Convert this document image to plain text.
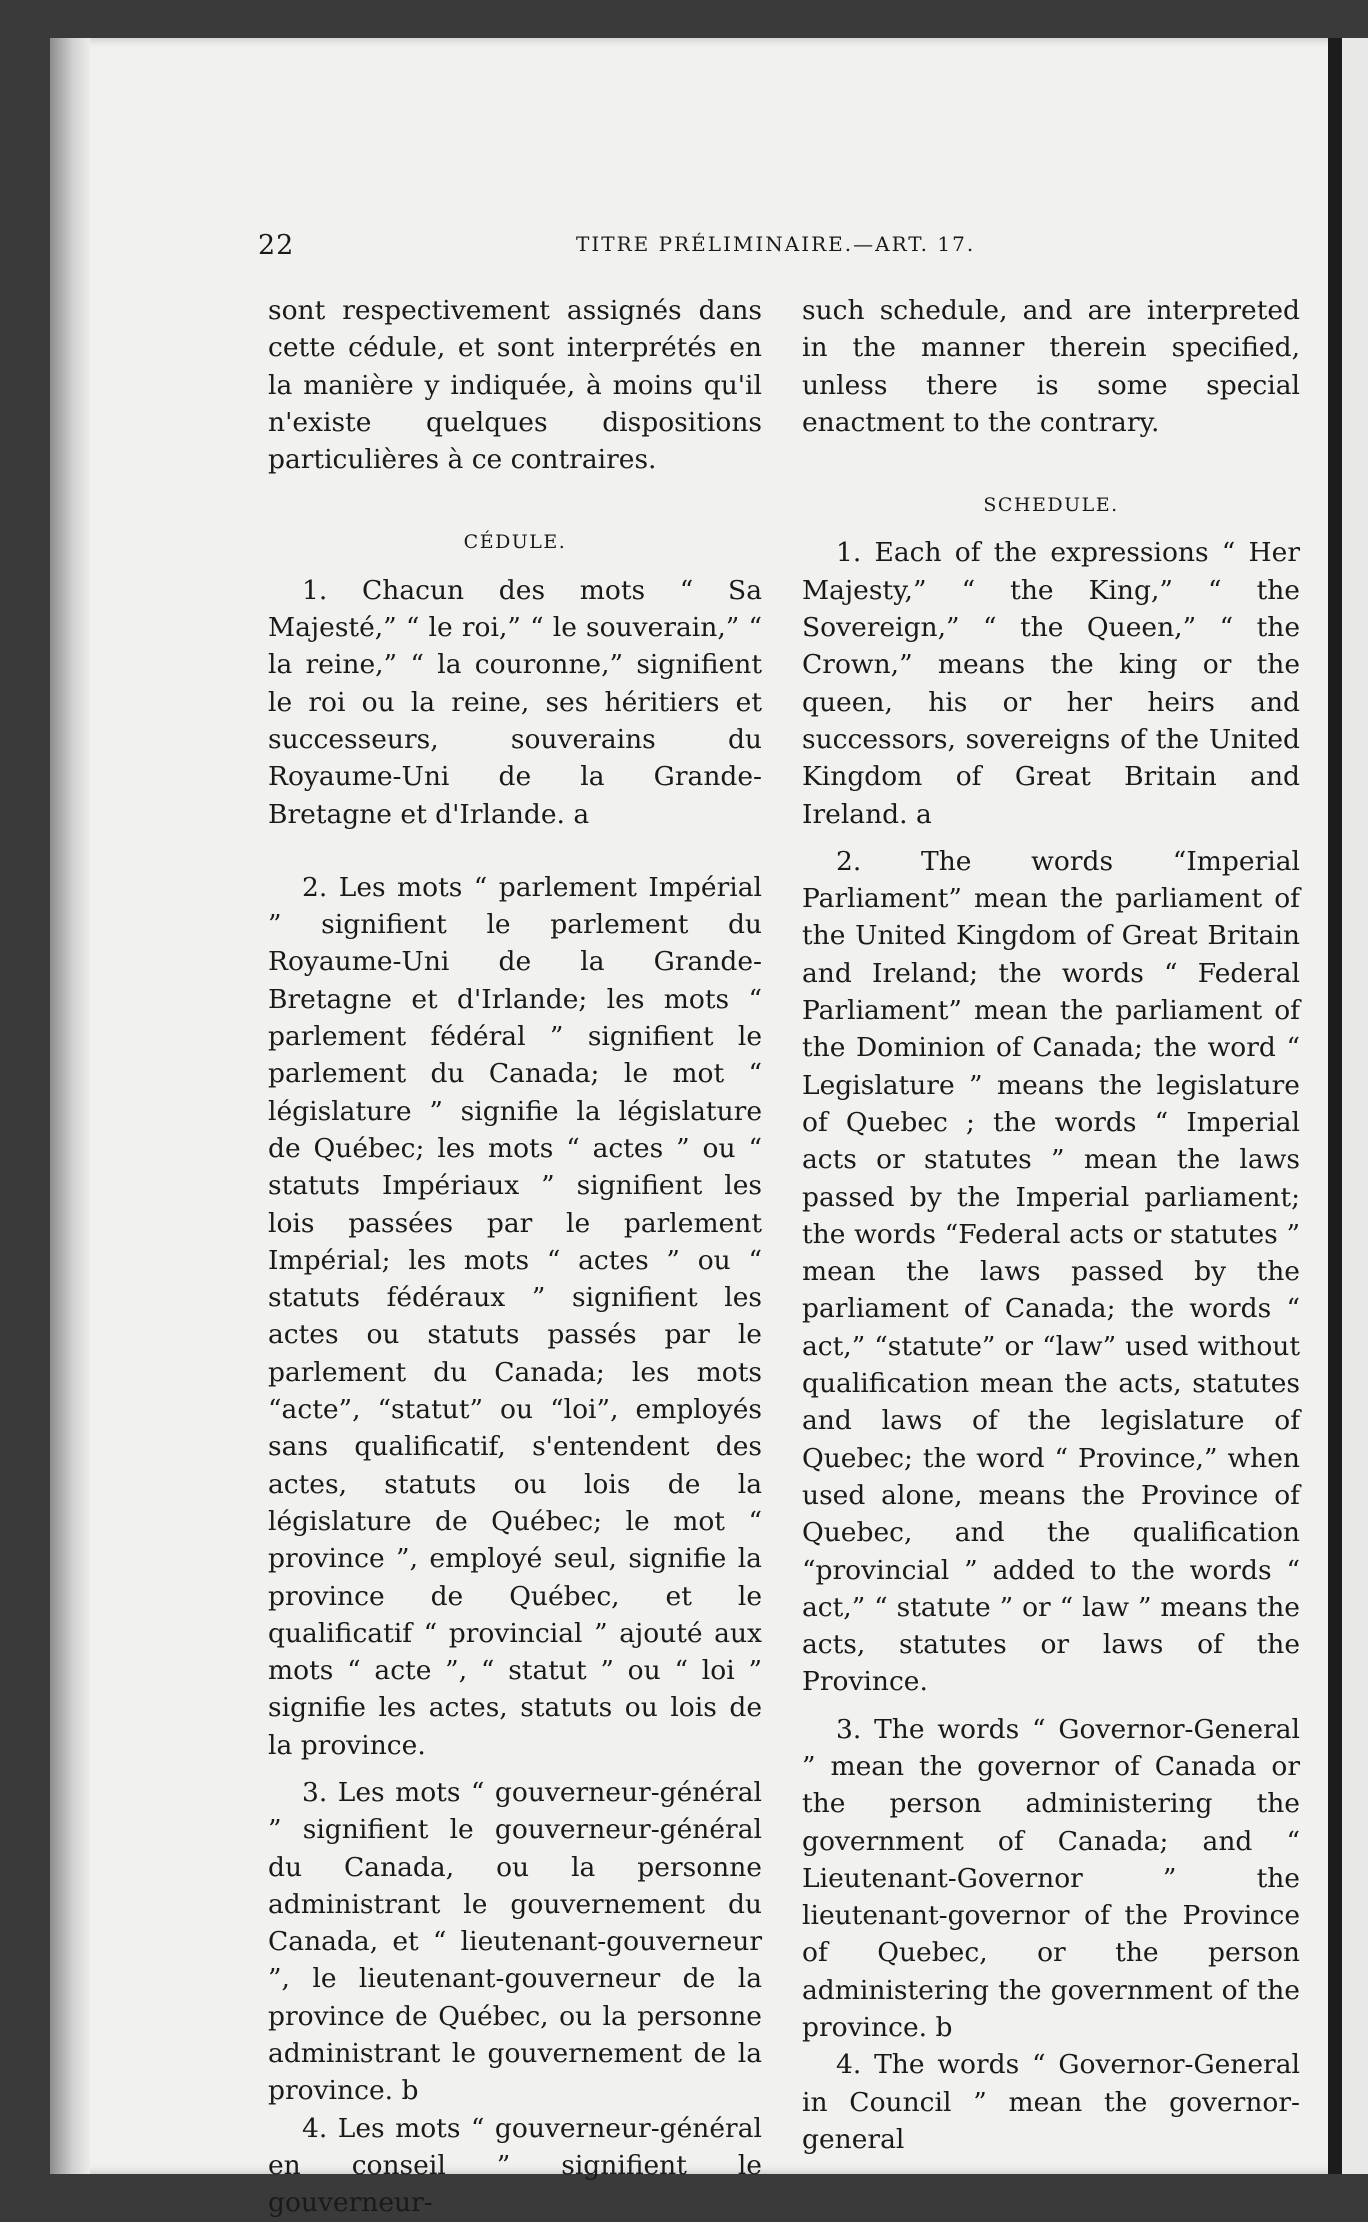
22	TITRE PRÉLIMINAIRE.—ART. 17.

sont respectivement assignés dans cette cédule, et sont interprétés en la manière y indiquée, à moins qu'il n'existe quelques dispositions particulières à ce contraires.

CÉDULE.

1. Chacun des mots “ Sa Majesté,” “ le roi,” “ le souverain,” “ la reine,” “ la couronne,” signifient le roi ou la reine, ses héritiers et successeurs, souverains du Royaume-Uni de la Grande-Bretagne et d'Irlande. a

2. Les mots “ parlement Impérial ” signifient le parlement du Royaume-Uni de la Grande-Bretagne et d'Irlande; les mots “ parlement fédéral ” signifient le parlement du Canada; le mot “ législature ” signifie la législature de Québec; les mots “ actes ” ou “ statuts Impériaux ” signifient les lois passées par le parlement Impérial; les mots “ actes ” ou “ statuts fédéraux ” signifient les actes ou statuts passés par le parlement du Canada; les mots “acte”, “statut” ou “loi”, employés sans qualificatif, s'entendent des actes, statuts ou lois de la législature de Québec; le mot “ province ”, employé seul, signifie la province de Québec, et le qualificatif “ provincial ” ajouté aux mots “ acte ”, “ statut ” ou “ loi ” signifie les actes, statuts ou lois de la province.

3. Les mots “ gouverneur-général ” signifient le gouverneur-général du Canada, ou la personne administrant le gouvernement du Canada, et “ lieutenant-gouverneur ”, le lieutenant-gouverneur de la province de Québec, ou la personne administrant le gouvernement de la province. b

4. Les mots “ gouverneur-général en conseil ” signifient le gouverneur-

such schedule, and are interpreted in the manner therein specified, unless there is some special enactment to the contrary.

SCHEDULE.

1. Each of the expressions “ Her Majesty,” “ the King,” “ the Sovereign,” “ the Queen,” “ the Crown,” means the king or the queen, his or her heirs and successors, sovereigns of the United Kingdom of Great Britain and Ireland. a

2. The words “Imperial Parliament” mean the parliament of the United Kingdom of Great Britain and Ireland; the words “ Federal Parliament” mean the parliament of the Dominion of Canada; the word “ Legislature ” means the legislature of Quebec ; the words “ Imperial acts or statutes ” mean the laws passed by the Imperial parliament; the words “Federal acts or statutes ” mean the laws passed by the parliament of Canada; the words “ act,” “statute” or “law” used without qualification mean the acts, statutes and laws of the legislature of Quebec; the word “ Province,” when used alone, means the Province of Quebec, and the qualification “provincial ” added to the words “ act,” “ statute ” or “ law ” means the acts, statutes or laws of the Province.

3. The words “ Governor-General ” mean the governor of Canada or the person administering the government of Canada; and “ Lieutenant-Governor ” the lieutenant-governor of the Province of Quebec, or the person administering the government of the province. b

4. The words “ Governor-General in Council ” mean the governor-general
